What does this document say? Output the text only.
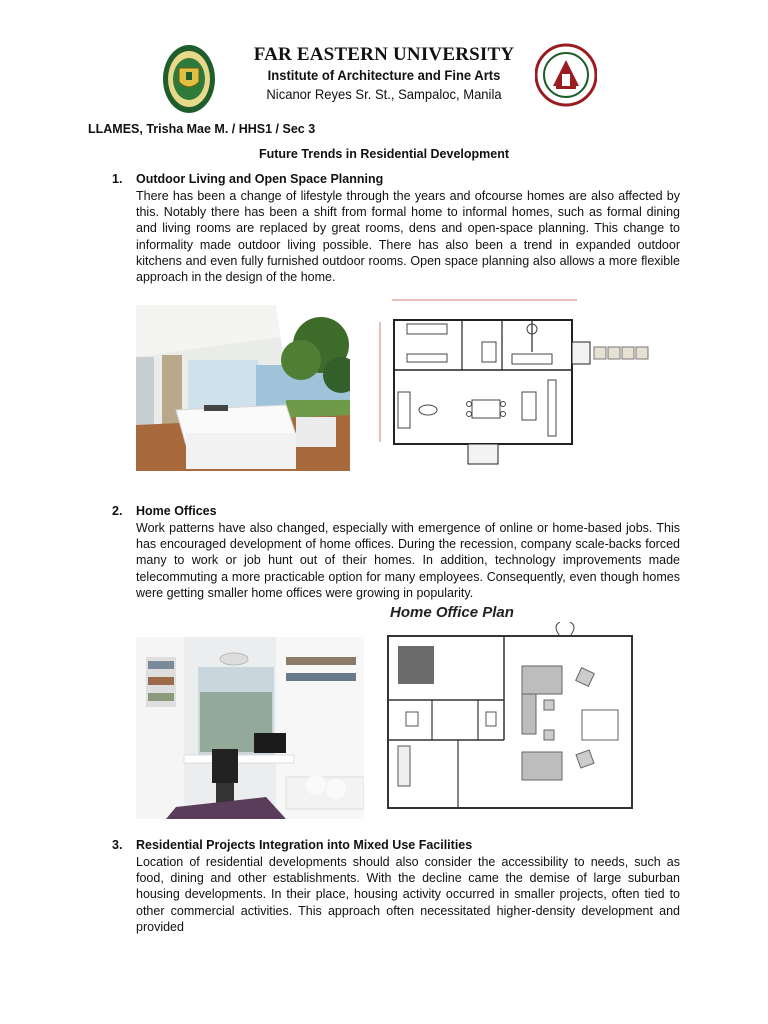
FAR EASTERN UNIVERSITY
Institute of Architecture and Fine Arts
Nicanor Reyes Sr. St., Sampaloc, Manila
LLAMES, Trisha Mae M. / HHS1 / Sec 3
Future Trends in Residential Development
1. Outdoor Living and Open Space Planning
There has been a change of lifestyle through the years and ofcourse homes are also affected by this. Notably there has been a shift from formal home to informal homes, such as formal dining and living rooms are replaced by great rooms, dens and open-space planning. This change to informality made outdoor living possible. There has also been a trend in expanded outdoor kitchens and even fully furnished outdoor rooms. Open space planning also allows a more flexible approach in the design of the home.
2. Home Offices
Work patterns have also changed, especially with emergence of online or home-based jobs. This has encouraged development of home offices. During the recession, company scale-backs forced many to work or job hunt out of their homes. In addition, technology improvements made telecommuting a more practicable option for many employees. Consequently, even though homes were getting smaller home offices were growing in popularity.
Home Office Plan
3. Residential Projects Integration into Mixed Use Facilities
Location of residential developments should also consider the accessibility to needs, such as food, dining and other establishments. With the decline came the demise of large suburban housing developments. In their place, housing activity occurred in smaller projects, often tied to other commercial activities. This approach often necessitated higher-density development and provided
